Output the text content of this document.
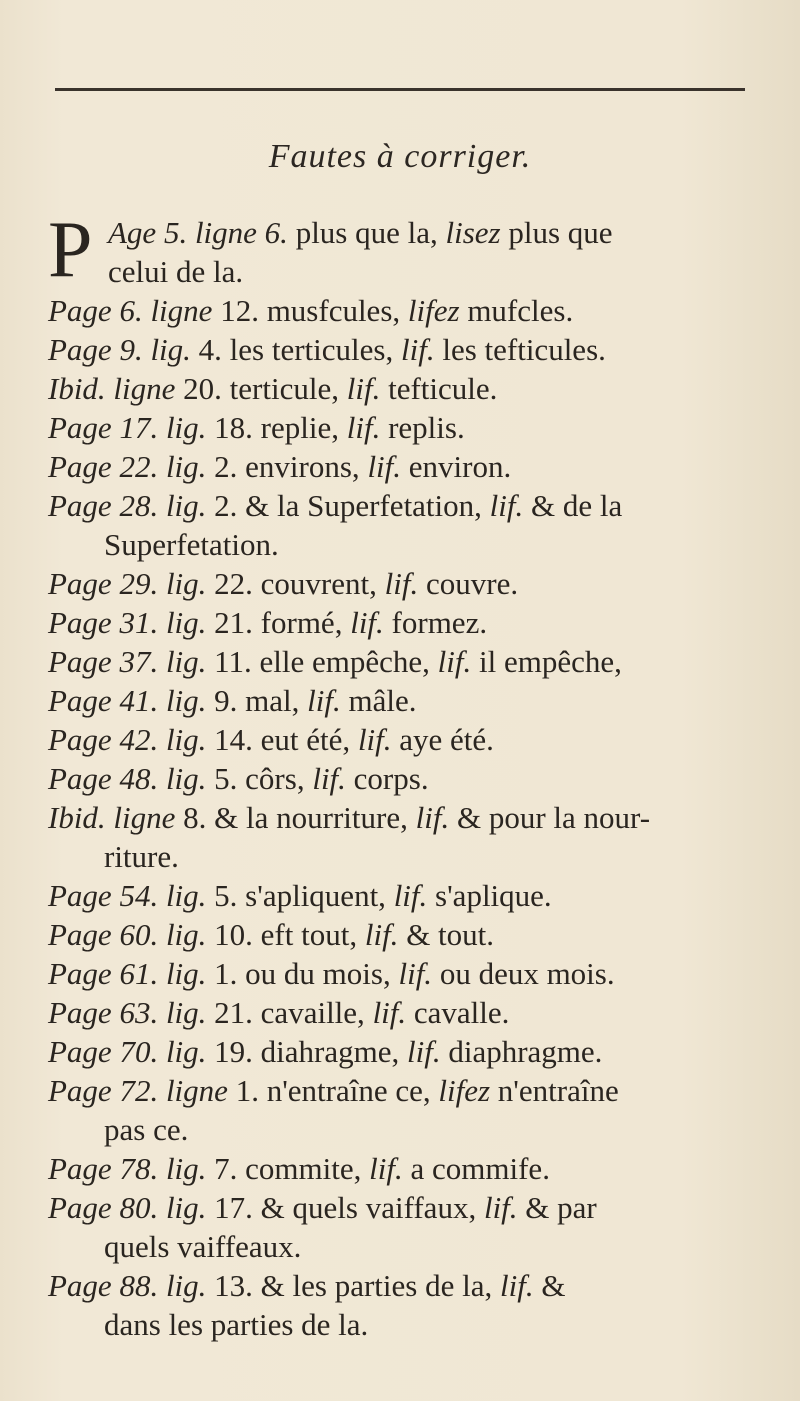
Fautes à corriger.
P Age 5. ligne 6. plus que la, lisez plus que
celui de la.
Page 6. ligne 12. musfcules, lifez mufcles.
Page 9. lig. 4. les terticules, lif. les tefticules.
Ibid. ligne 20. terticule, lif. tefticule.
Page 17. lig. 18. replie, lif. replis.
Page 22. lig. 2. environs, lif. environ.
Page 28. lig. 2. & la Superfetation, lif. & de la
Superfetation.
Page 29. lig. 22. couvrent, lif. couvre.
Page 31. lig. 21. formé, lif. formez.
Page 37. lig. 11. elle empêche, lif. il empêche,
Page 41. lig. 9. mal, lif. mâle.
Page 42. lig. 14. eut été, lif. aye été.
Page 48. lig. 5. côrs, lif. corps.
Ibid. ligne 8. & la nourriture, lif. & pour la nour-
riture.
Page 54. lig. 5. s'apliquent, lif. s'aplique.
Page 60. lig. 10. eft tout, lif. & tout.
Page 61. lig. 1. ou du mois, lif. ou deux mois.
Page 63. lig. 21. cavaille, lif. cavalle.
Page 70. lig. 19. diahragme, lif. diaphragme.
Page 72. ligne 1. n'entraîne ce, lifez n'entraîne
pas ce.
Page 78. lig. 7. commite, lif. a commife.
Page 80. lig. 17. & quels vaiffaux, lif. & par
quels vaiffeaux.
Page 88. lig. 13. & les parties de la, lif. &
dans les parties de la.
